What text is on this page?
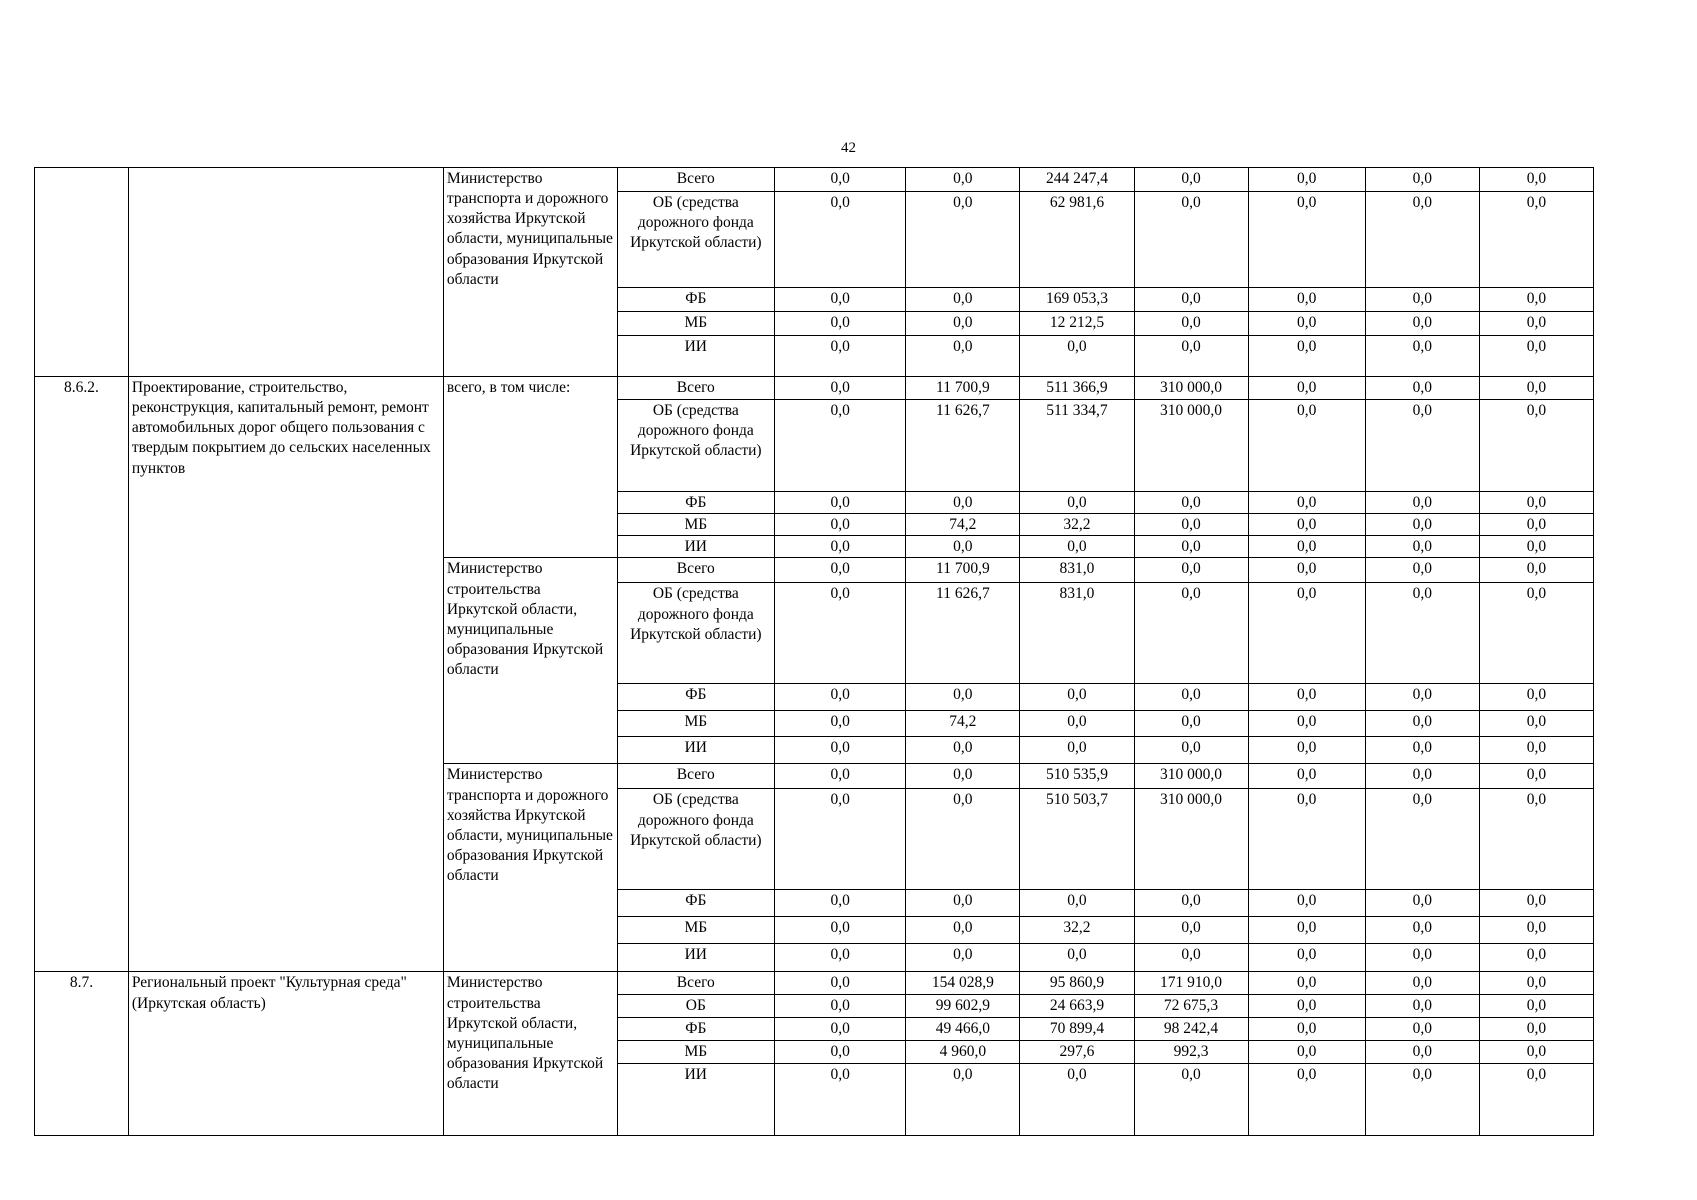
42
		Министерство транспорта и дорожного хозяйства Иркутской области, муниципальные образования Иркутской области	Всего	0,0	0,0	244 247,4	0,0	0,0	0,0	0,0
			ОБ (средства дорожного фонда Иркутской области)	0,0	0,0	62 981,6	0,0	0,0	0,0	0,0
			ФБ	0,0	0,0	169 053,3	0,0	0,0	0,0	0,0
			МБ	0,0	0,0	12 212,5	0,0	0,0	0,0	0,0
			ИИ	0,0	0,0	0,0	0,0	0,0	0,0	0,0
8.6.2.	Проектирование, строительство, реконструкция, капитальный ремонт, ремонт автомобильных дорог общего пользования с твердым покрытием до сельских населенных пунктов	всего, в том числе:	Всего	0,0	11 700,9	511 366,9	310 000,0	0,0	0,0	0,0
			ОБ (средства дорожного фонда Иркутской области)	0,0	11 626,7	511 334,7	310 000,0	0,0	0,0	0,0
			ФБ	0,0	0,0	0,0	0,0	0,0	0,0	0,0
			МБ	0,0	74,2	32,2	0,0	0,0	0,0	0,0
			ИИ	0,0	0,0	0,0	0,0	0,0	0,0	0,0
		Министерство строительства Иркутской области, муниципальные образования Иркутской области	Всего	0,0	11 700,9	831,0	0,0	0,0	0,0	0,0
			ОБ (средства дорожного фонда Иркутской области)	0,0	11 626,7	831,0	0,0	0,0	0,0	0,0
			ФБ	0,0	0,0	0,0	0,0	0,0	0,0	0,0
			МБ	0,0	74,2	0,0	0,0	0,0	0,0	0,0
			ИИ	0,0	0,0	0,0	0,0	0,0	0,0	0,0
		Министерство транспорта и дорожного хозяйства Иркутской области, муниципальные образования Иркутской области	Всего	0,0	0,0	510 535,9	310 000,0	0,0	0,0	0,0
			ОБ (средства дорожного фонда Иркутской области)	0,0	0,0	510 503,7	310 000,0	0,0	0,0	0,0
			ФБ	0,0	0,0	0,0	0,0	0,0	0,0	0,0
			МБ	0,0	0,0	32,2	0,0	0,0	0,0	0,0
			ИИ	0,0	0,0	0,0	0,0	0,0	0,0	0,0
8.7.	Региональный проект "Культурная среда" (Иркутская область)	Министерство строительства Иркутской области, муниципальные образования Иркутской области	Всего	0,0	154 028,9	95 860,9	171 910,0	0,0	0,0	0,0
			ОБ	0,0	99 602,9	24 663,9	72 675,3	0,0	0,0	0,0
			ФБ	0,0	49 466,0	70 899,4	98 242,4	0,0	0,0	0,0
			МБ	0,0	4 960,0	297,6	992,3	0,0	0,0	0,0
			ИИ	0,0	0,0	0,0	0,0	0,0	0,0	0,0
